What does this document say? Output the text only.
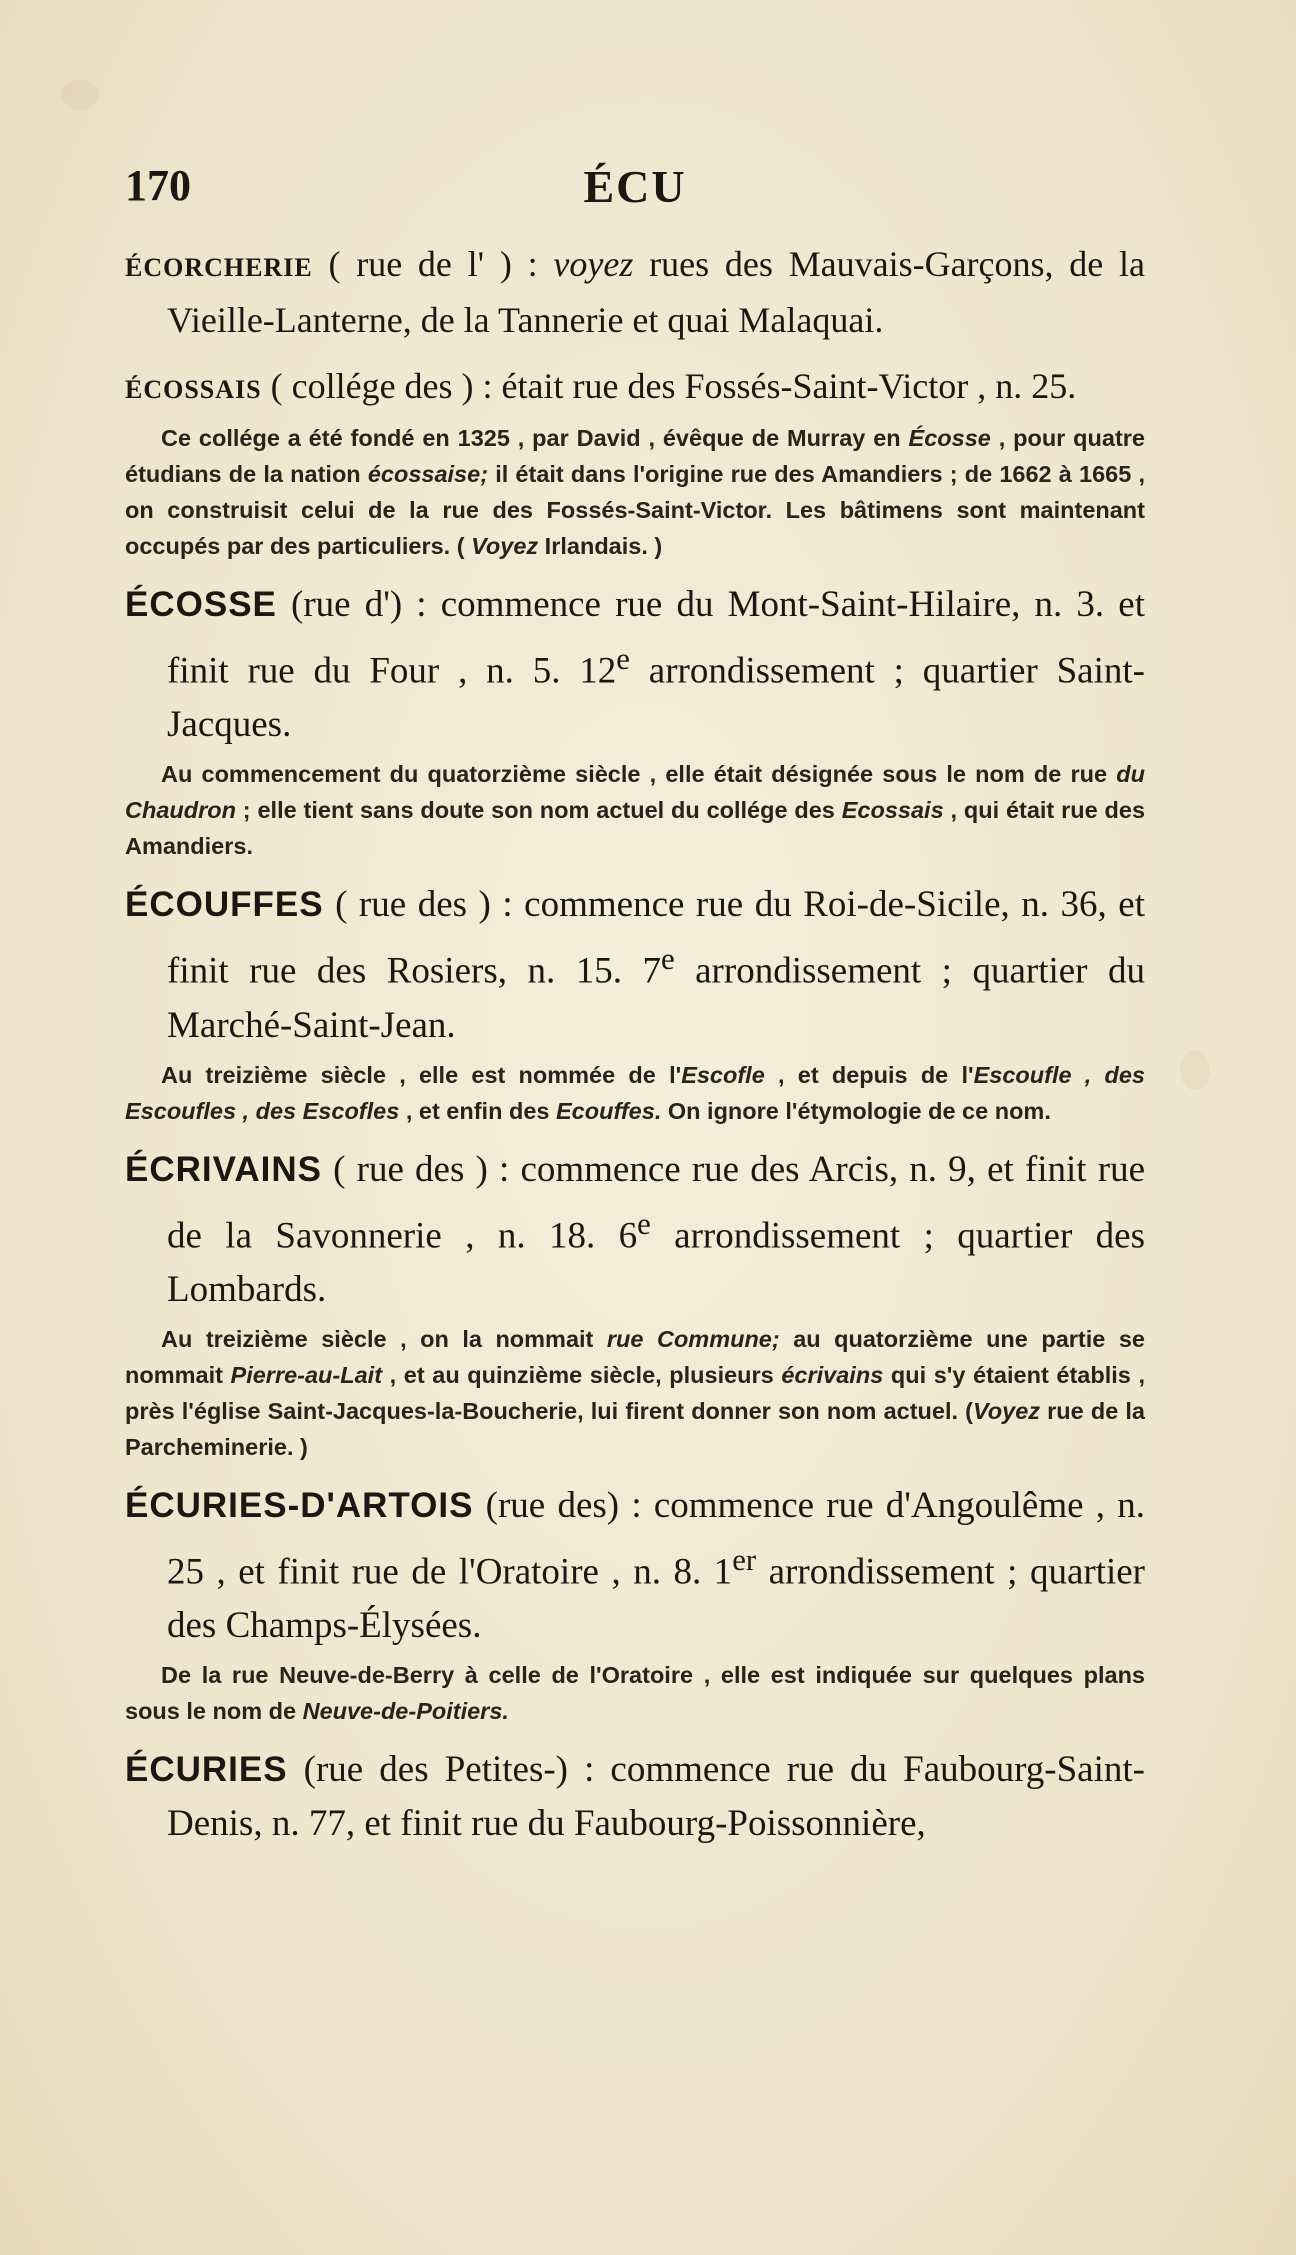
170	ÉCU

ÉCORCHERIE ( rue de l' ) : voyez rues des Mauvais-Garçons, de la Vieille-Lanterne, de la Tannerie et quai Malaquai.

ÉCOSSAIS ( collége des ) : était rue des Fossés-Saint-Victor , n. 25.

Ce collége a été fondé en 1325 , par David , évêque de Murray en Écosse , pour quatre étudians de la nation écossaise; il était dans l'origine rue des Amandiers ; de 1662 à 1665 , on construisit celui de la rue des Fossés-Saint-Victor. Les bâtimens sont maintenant occupés par des particuliers. ( Voyez Irlandais. )

ÉCOSSE (rue d') : commence rue du Mont-Saint-Hilaire, n. 3. et finit rue du Four , n. 5. 12e arrondissement ; quartier Saint-Jacques.

Au commencement du quatorzième siècle , elle était désignée sous le nom de rue du Chaudron ; elle tient sans doute son nom actuel du collége des Ecossais , qui était rue des Amandiers.

ÉCOUFFES ( rue des ) : commence rue du Roi-de-Sicile, n. 36, et finit rue des Rosiers, n. 15. 7e arrondissement ; quartier du Marché-Saint-Jean.

Au treizième siècle , elle est nommée de l'Escofle , et depuis de l'Escoufle , des Escoufles , des Escofles , et enfin des Ecouffes. On ignore l'étymologie de ce nom.

ÉCRIVAINS ( rue des ) : commence rue des Arcis, n. 9, et finit rue de la Savonnerie , n. 18. 6e arrondissement ; quartier des Lombards.

Au treizième siècle , on la nommait rue Commune; au quatorzième une partie se nommait Pierre-au-Lait , et au quinzième siècle, plusieurs écrivains qui s'y étaient établis , près l'église Saint-Jacques-la-Boucherie, lui firent donner son nom actuel. (Voyez rue de la Parcheminerie. )

ÉCURIES-D'ARTOIS (rue des) : commence rue d'Angoulême , n. 25 , et finit rue de l'Oratoire , n. 8. 1er arrondissement ; quartier des Champs-Élysées.

De la rue Neuve-de-Berry à celle de l'Oratoire , elle est indiquée sur quelques plans sous le nom de Neuve-de-Poitiers.

ÉCURIES (rue des Petites-) : commence rue du Faubourg-Saint-Denis, n. 77, et finit rue du Faubourg-Poissonnière,
